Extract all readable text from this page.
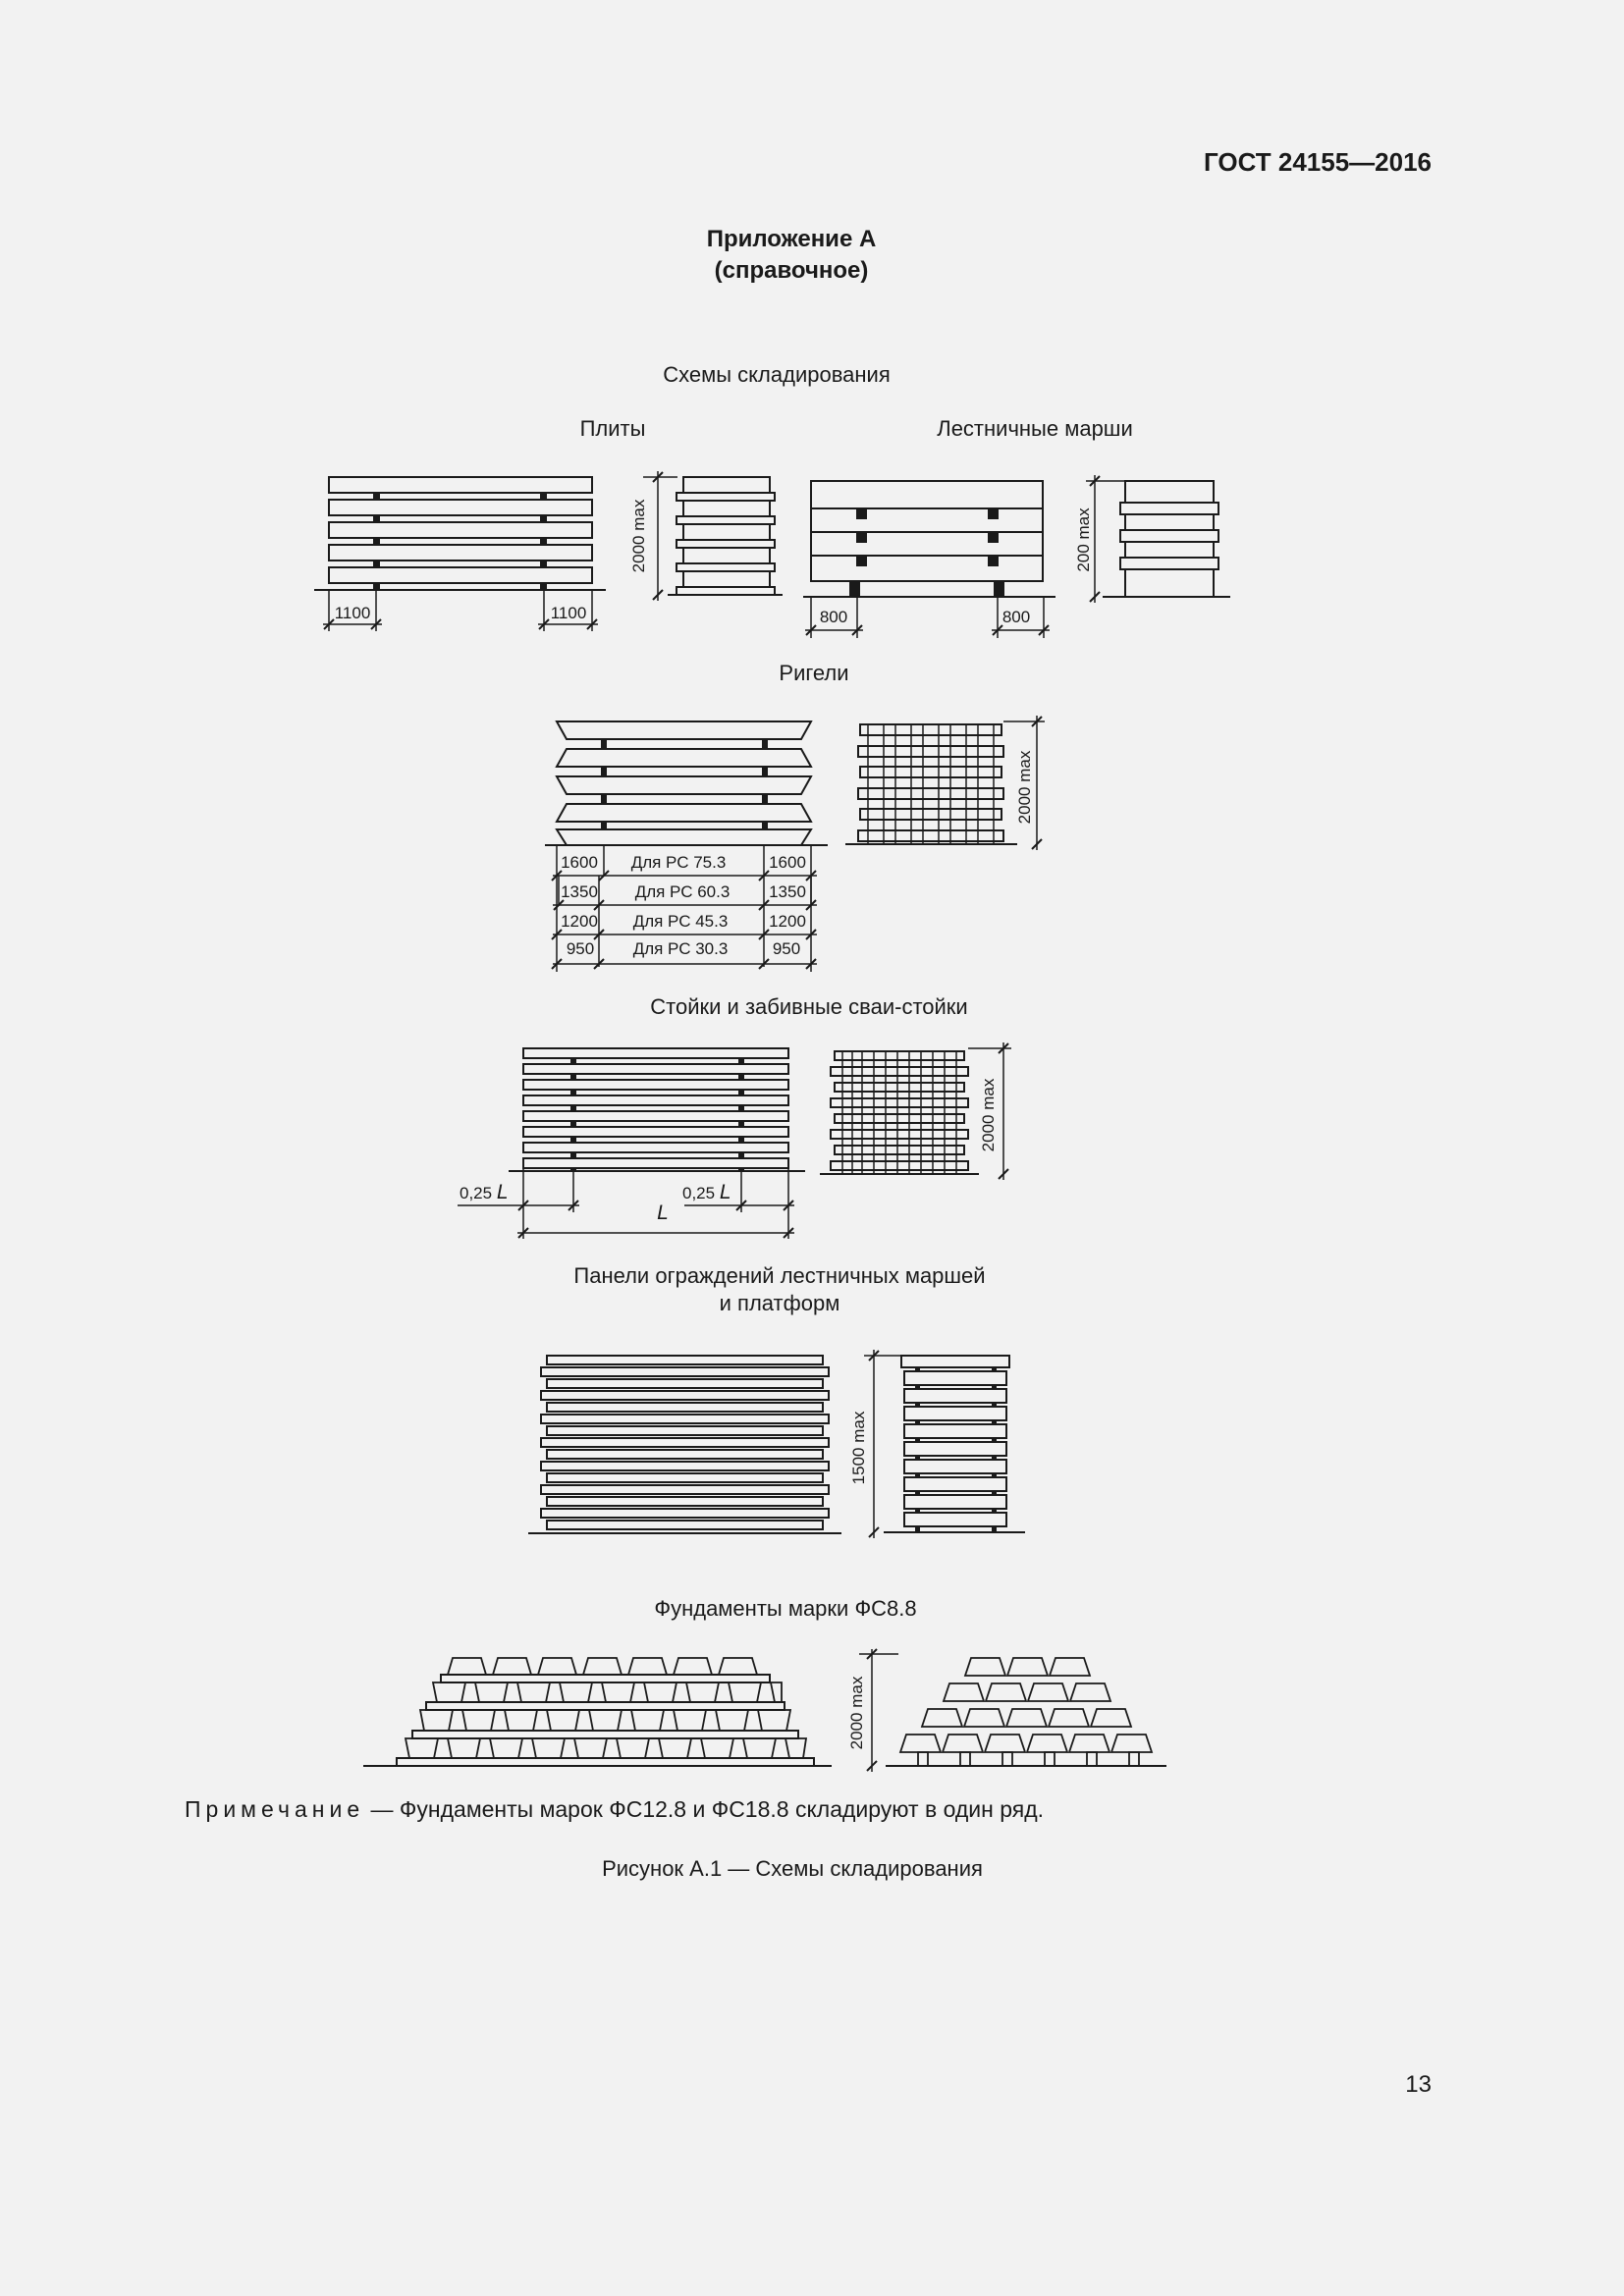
ГОСТ 24155—2016
Приложение А
(справочное)
Схемы складирования
Плиты	Лестничные марши
1100	1100
2000 max
800	800
200 max
Ригели
1600 Для РС 75.3	1600
1350 Для РС 60.3 1350
1200 Для РС 45.3 1200
950 Для РС 30.3	950
2000 max
Стойки и забивные сваи-стойки
0,25 L	0,25 L
L
2000 max
Панели ограждений лестничных маршей
и платформ
1500 max
Фундаменты марки ФС8.8
2000 max
Примечание — Фундаменты марок ФС12.8 и ФС18.8 складируют в один ряд.
Рисунок А.1 — Схемы складирования
13
